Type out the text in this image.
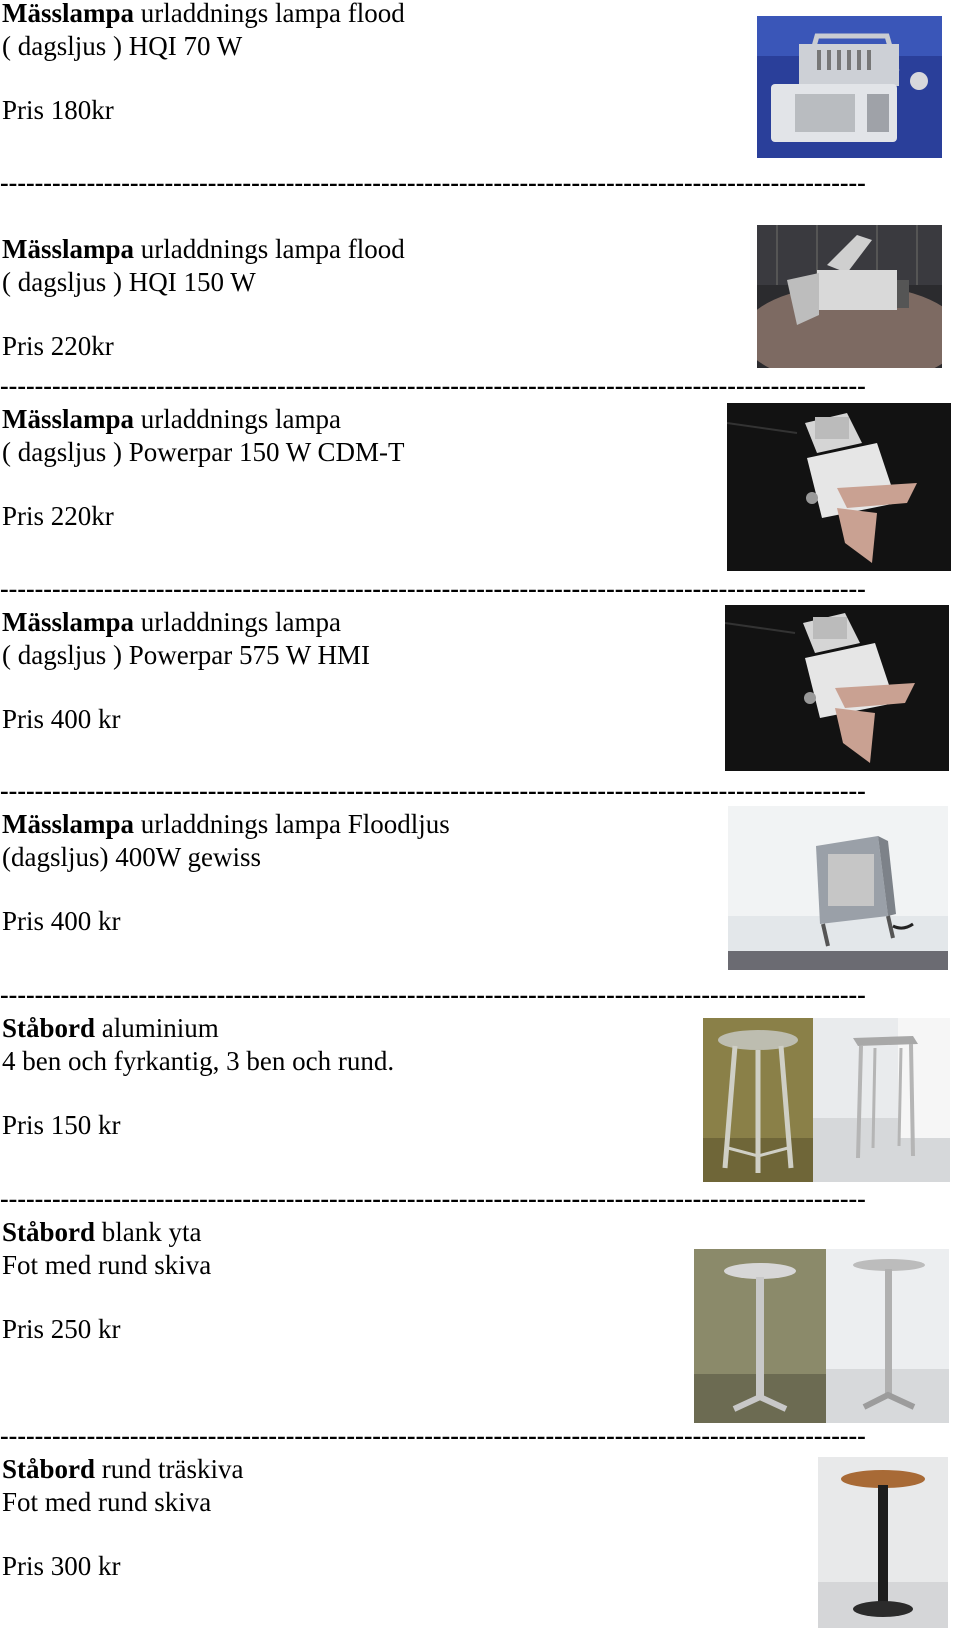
Mässlampa urladdnings lampa flood
( dagsljus ) HQI 70 W
Pris 180kr
----------------------------------------------------------------------------------------------------
Mässlampa urladdnings lampa flood
( dagsljus ) HQI 150 W
Pris 220kr
----------------------------------------------------------------------------------------------------
Mässlampa urladdnings lampa
( dagsljus ) Powerpar 150 W CDM-T
Pris 220kr
----------------------------------------------------------------------------------------------------
Mässlampa urladdnings lampa
( dagsljus ) Powerpar 575 W HMI
Pris 400 kr
----------------------------------------------------------------------------------------------------
Mässlampa urladdnings lampa Floodljus
(dagsljus) 400W gewiss
Pris 400 kr
----------------------------------------------------------------------------------------------------
Ståbord aluminium
4 ben och fyrkantig, 3 ben och rund.
Pris 150 kr
----------------------------------------------------------------------------------------------------
Ståbord blank yta
Fot med rund skiva
Pris 250 kr
----------------------------------------------------------------------------------------------------
Ståbord rund träskiva
Fot med rund skiva
Pris 300 kr
